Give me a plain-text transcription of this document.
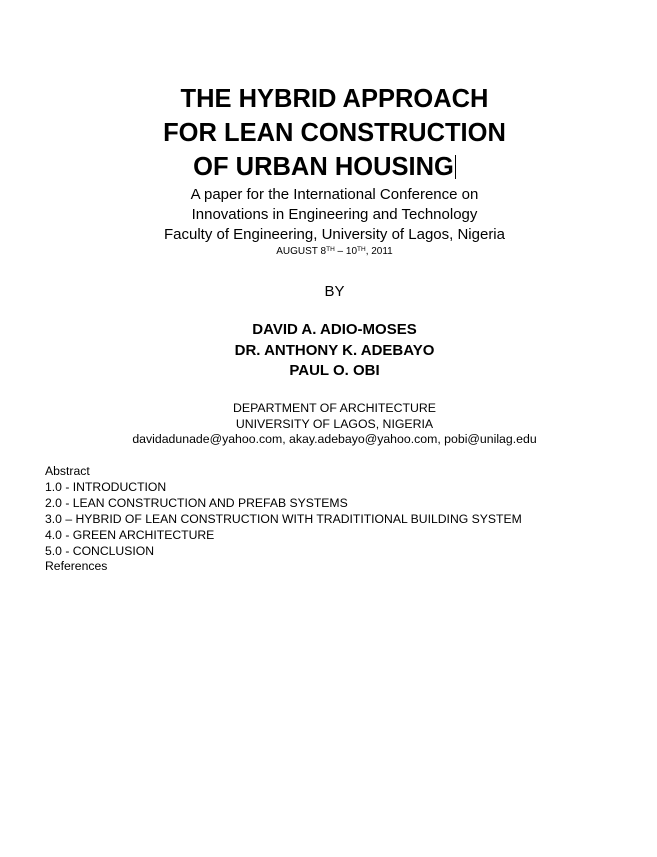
THE HYBRID APPROACH
FOR LEAN CONSTRUCTION
OF URBAN HOUSING
A paper for the International Conference on
Innovations in Engineering and Technology
Faculty of Engineering, University of Lagos, Nigeria
AUGUST 8TH – 10TH, 2011
BY
DAVID A. ADIO-MOSES
DR. ANTHONY K. ADEBAYO
PAUL O. OBI
DEPARTMENT OF ARCHITECTURE
UNIVERSITY OF LAGOS, NIGERIA
davidadunade@yahoo.com, akay.adebayo@yahoo.com, pobi@unilag.edu
Abstract
1.0 - INTRODUCTION
2.0 - LEAN CONSTRUCTION AND PREFAB SYSTEMS
3.0 – HYBRID OF LEAN CONSTRUCTION WITH TRADITITIONAL BUILDING SYSTEM
4.0 - GREEN ARCHITECTURE
5.0 - CONCLUSION
References
